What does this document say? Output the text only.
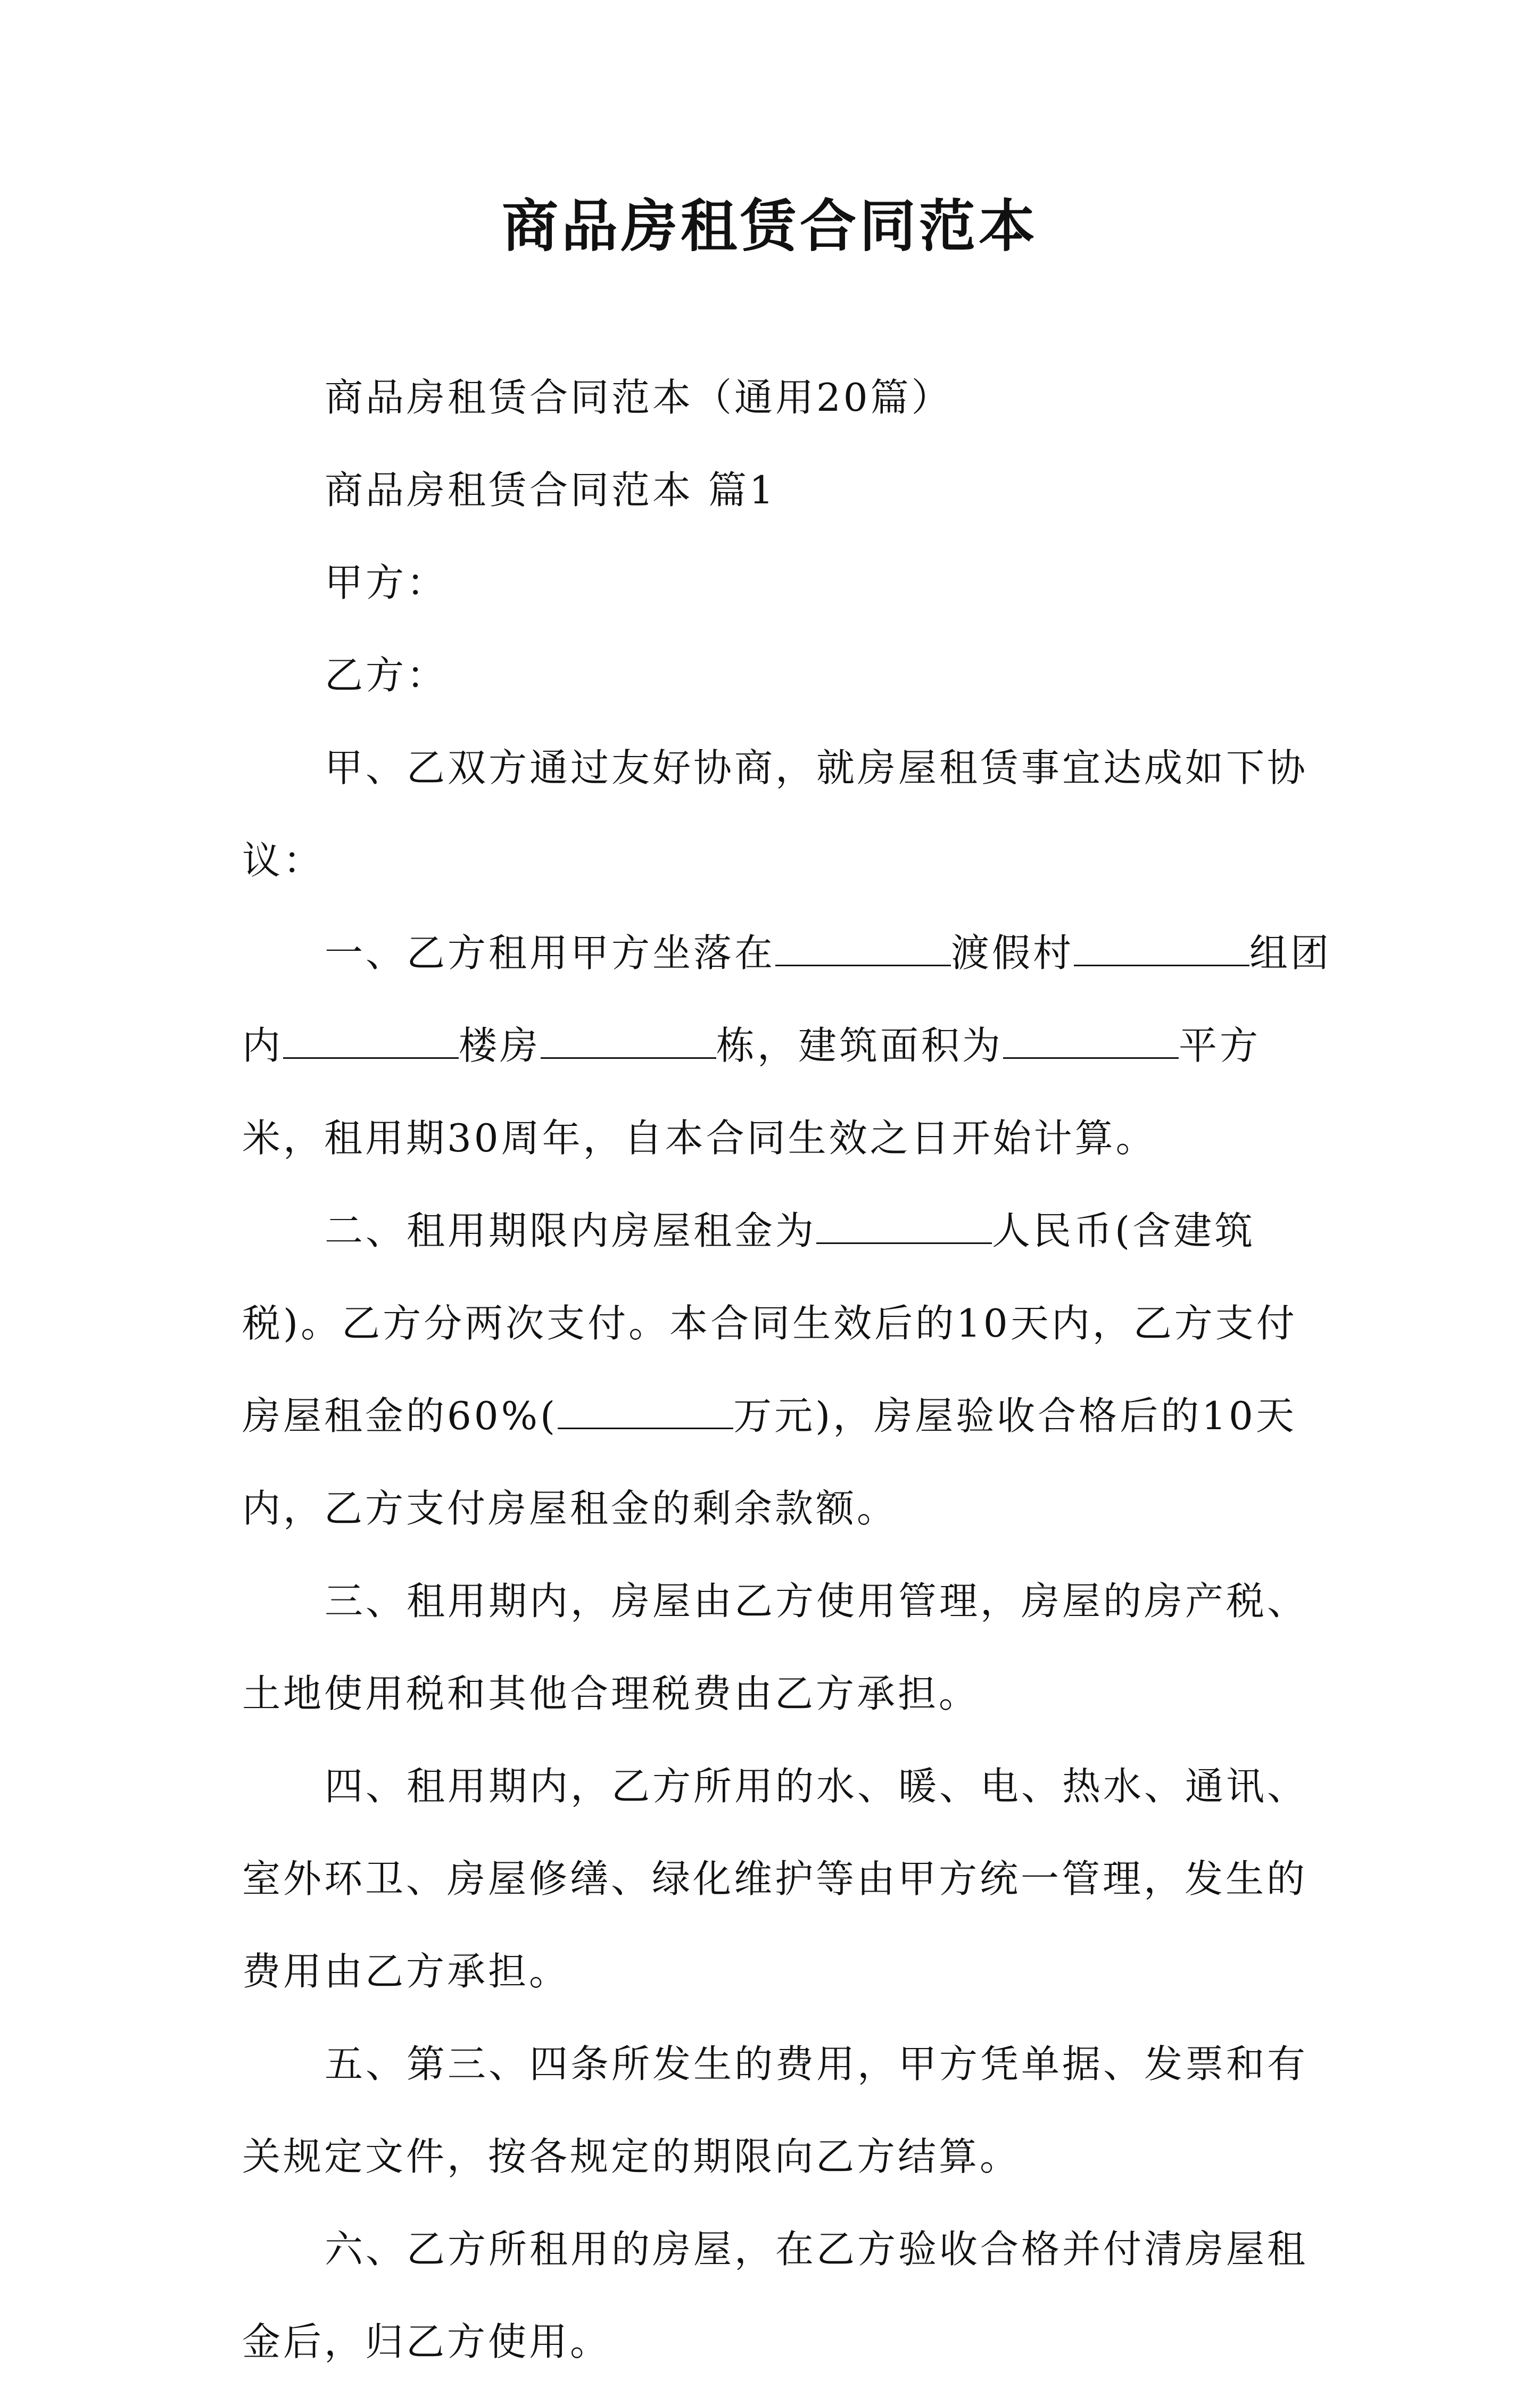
商品房租赁合同范本

商品房租赁合同范本（通用20篇）

商品房租赁合同范本 篇1

甲方：

乙方：

甲、乙双方通过友好协商，就房屋租赁事宜达成如下协议：

一、乙方租用甲方坐落在	渡假村	组团内	楼房	栋，建筑面积为	平方米，租用期30周年，自本合同生效之日开始计算。

二、租用期限内房屋租金为	人民币(含建筑税)。乙方分两次支付。本合同生效后的10天内，乙方支付房屋租金的60%(	万元)，房屋验收合格后的10天内，乙方支付房屋租金的剩余款额。

三、租用期内，房屋由乙方使用管理，房屋的房产税、土地使用税和其他合理税费由乙方承担。

四、租用期内，乙方所用的水、暖、电、热水、通讯、室外环卫、房屋修缮、绿化维护等由甲方统一管理，发生的费用由乙方承担。

五、第三、四条所发生的费用，甲方凭单据、发票和有关规定文件，按各规定的期限向乙方结算。

六、乙方所租用的房屋，在乙方验收合格并付清房屋租金后，归乙方使用。
